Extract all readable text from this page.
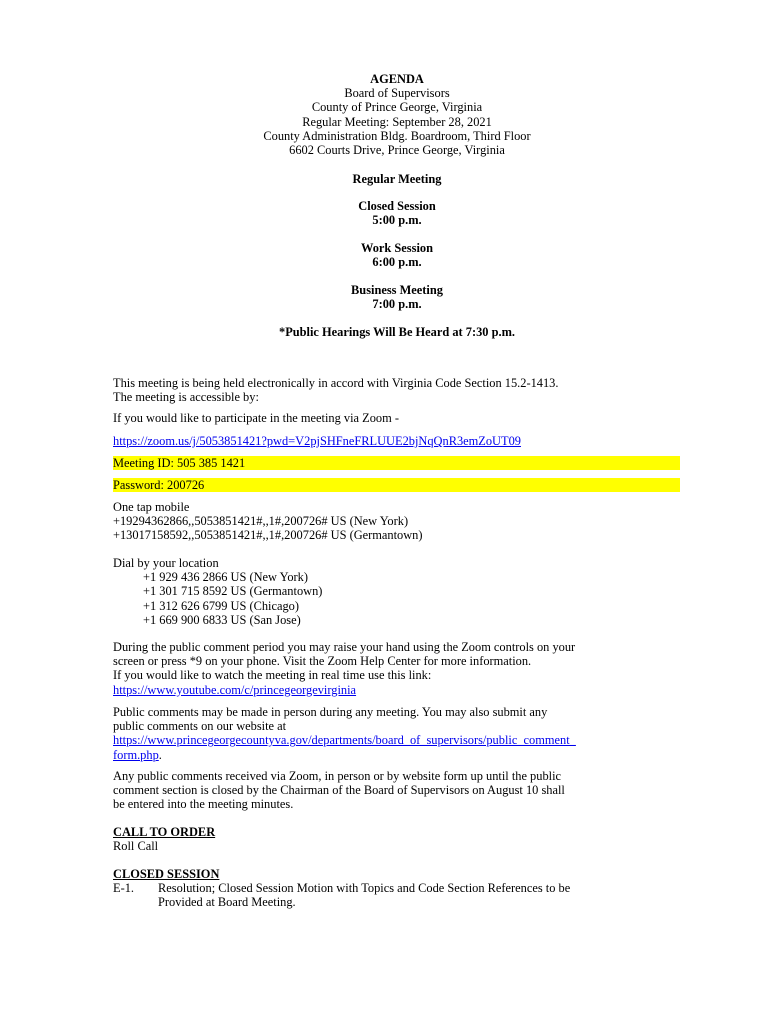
AGENDA
Board of Supervisors
County of Prince George, Virginia
Regular Meeting: September 28, 2021
County Administration Bldg. Boardroom, Third Floor
6602 Courts Drive, Prince George, Virginia
Regular Meeting
Closed Session
5:00 p.m.
Work Session
6:00 p.m.
Business Meeting
7:00 p.m.
*Public Hearings Will Be Heard at 7:30 p.m.
This meeting is being held electronically in accord with Virginia Code Section 15.2-1413.
The meeting is accessible by:
If you would like to participate in the meeting via Zoom -
https://zoom.us/j/5053851421?pwd=V2pjSHFneFRLUUE2bjNqQnR3emZoUT09
Meeting ID: 505 385 1421
Password: 200726
One tap mobile
+19294362866,,5053851421#,,1#,200726# US (New York)
+13017158592,,5053851421#,,1#,200726# US (Germantown)
Dial by your location
+1 929 436 2866 US (New York)
+1 301 715 8592 US (Germantown)
+1 312 626 6799 US (Chicago)
+1 669 900 6833 US (San Jose)
During the public comment period you may raise your hand using the Zoom controls on your
screen or press *9 on your phone. Visit the Zoom Help Center for more information.
If you would like to watch the meeting in real time use this link:
https://www.youtube.com/c/princegeorgevirginia
Public comments may be made in person during any meeting. You may also submit any
public comments on our website at
https://www.princegeorgecountyva.gov/departments/board_of_supervisors/public_comment_
form.php.
Any public comments received via Zoom, in person or by website form up until the public
comment section is closed by the Chairman of the Board of Supervisors on August 10 shall
be entered into the meeting minutes.
CALL TO ORDER
Roll Call
CLOSED SESSION
E-1. Resolution; Closed Session Motion with Topics and Code Section References to be
Provided at Board Meeting.
